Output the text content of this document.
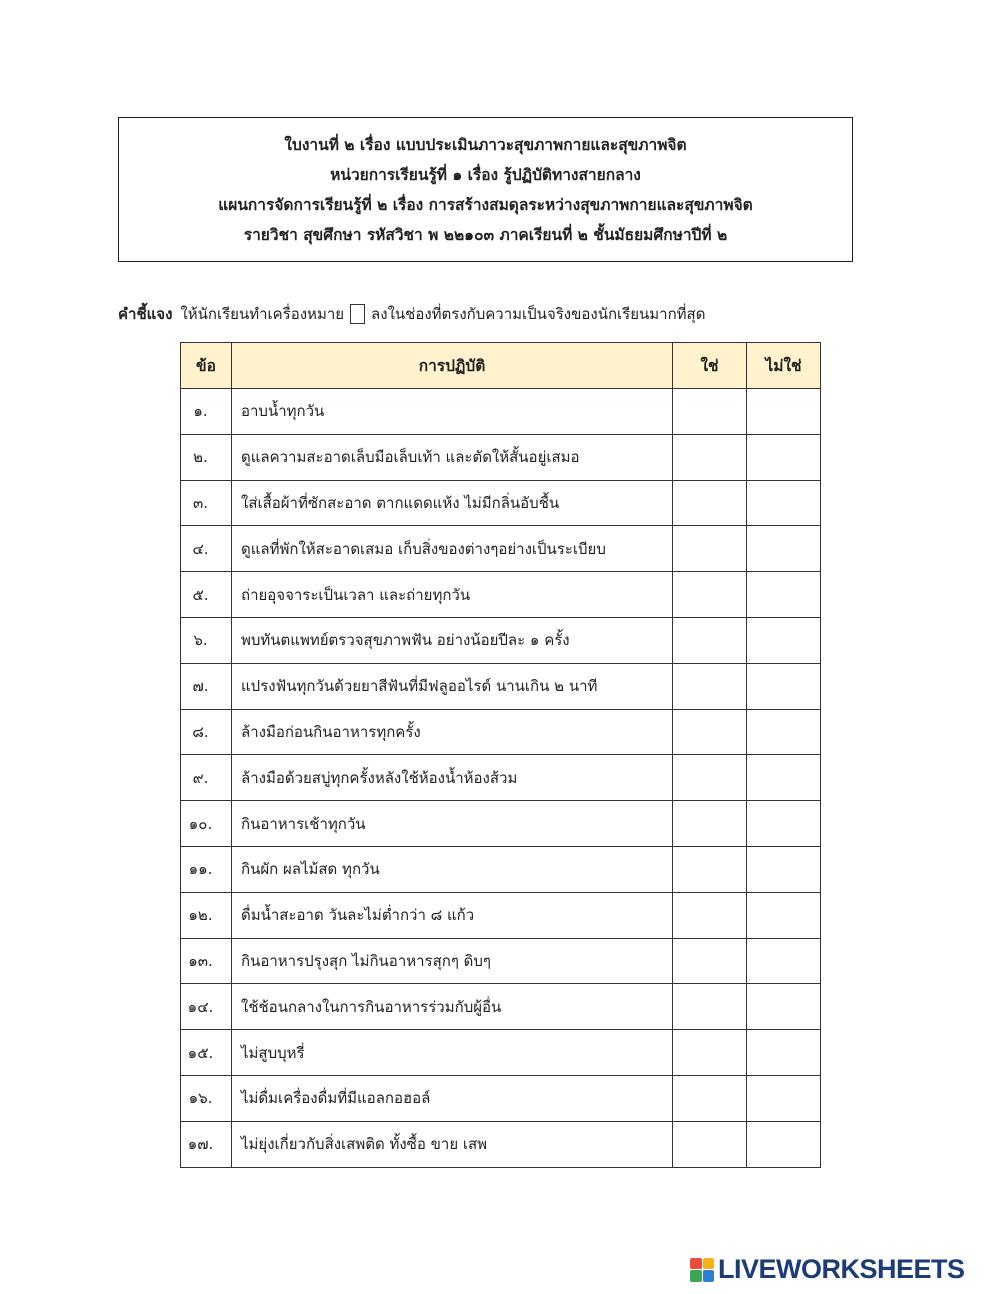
ใบงานที่ ๒ เรื่อง แบบประเมินภาวะสุขภาพกายและสุขภาพจิต
หน่วยการเรียนรู้ที่ ๑ เรื่อง รู้ปฏิบัติทางสายกลาง
แผนการจัดการเรียนรู้ที่ ๒ เรื่อง การสร้างสมดุลระหว่างสุขภาพกายและสุขภาพจิต
รายวิชา สุขศึกษา รหัสวิชา พ ๒๒๑๐๓ ภาคเรียนที่ ๒ ชั้นมัธยมศึกษาปีที่ ๒
คำชี้แจง ให้นักเรียนทำเครื่องหมาย ลงในช่องที่ตรงกับความเป็นจริงของนักเรียนมากที่สุด
ข้อ	การปฏิบัติ	ใช่	ไม่ใช่
๑.	อาบน้ำทุกวัน		
๒.	ดูแลความสะอาดเล็บมือเล็บเท้า และตัดให้สั้นอยู่เสมอ		
๓.	ใส่เสื้อผ้าที่ซักสะอาด ตากแดดแห้ง ไม่มีกลิ่นอับชื้น		
๔.	ดูแลที่พักให้สะอาดเสมอ เก็บสิ่งของต่างๆอย่างเป็นระเบียบ		
๕.	ถ่ายอุจจาระเป็นเวลา และถ่ายทุกวัน		
๖.	พบทันตแพทย์ตรวจสุขภาพฟัน อย่างน้อยปีละ ๑ ครั้ง		
๗.	แปรงฟันทุกวันด้วยยาสีฟันที่มีฟลูออไรด์ นานเกิน ๒ นาที		
๘.	ล้างมือก่อนกินอาหารทุกครั้ง		
๙.	ล้างมือด้วยสบู่ทุกครั้งหลังใช้ห้องน้ำห้องส้วม		
๑๐.	กินอาหารเช้าทุกวัน		
๑๑.	กินผัก ผลไม้สด ทุกวัน		
๑๒.	ดื่มน้ำสะอาด วันละไม่ต่ำกว่า ๘ แก้ว		
๑๓.	กินอาหารปรุงสุก ไม่กินอาหารสุกๆ ดิบๆ		
๑๔.	ใช้ช้อนกลางในการกินอาหารร่วมกับผู้อื่น		
๑๕.	ไม่สูบบุหรี่		
๑๖.	ไม่ดื่มเครื่องดื่มที่มีแอลกอฮอล์		
๑๗.	ไม่ยุ่งเกี่ยวกับสิ่งเสพติด ทั้งซื้อ ขาย เสพ		
LIVEWORKSHEETS
